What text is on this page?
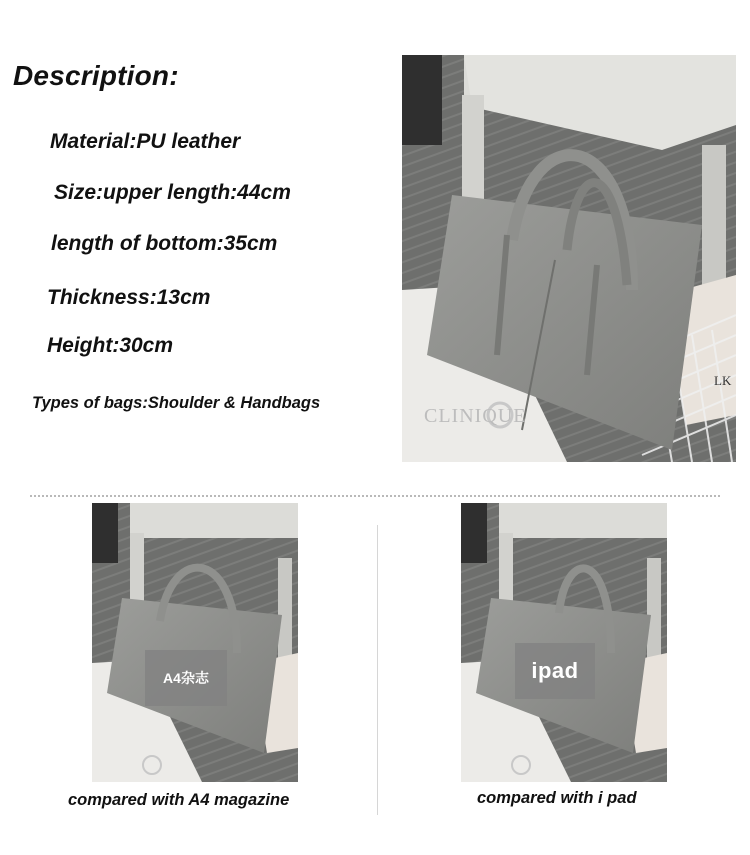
Description:
Material:PU leather
Size:upper length:44cm
length of bottom:35cm
Thickness:13cm
Height:30cm
Types of bags:Shoulder & Handbags
CLINIQUE
LK
A4杂志
compared with A4 magazine
ipad
compared with i pad
